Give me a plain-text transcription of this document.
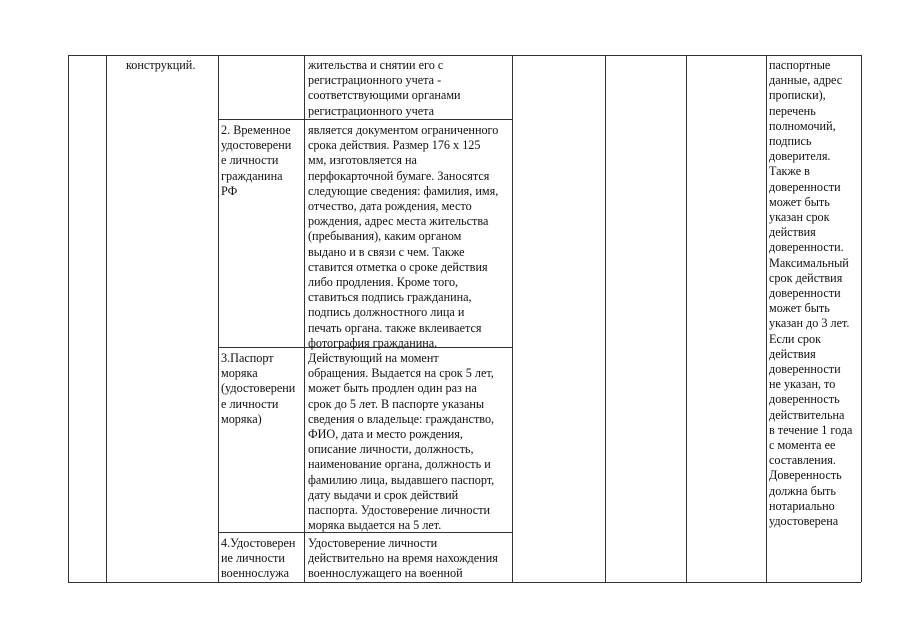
конструкций.	жительства и снятии его с
регистрационного учета -
соответствующими органами
регистрационного учета
2. Временное
удостоверени
е личности
гражданина
РФ
является документом ограниченного
срока действия. Размер 176 х 125
мм, изготовляется на
перфокарточной бумаге. Заносятся
следующие сведения: фамилия, имя,
отчество, дата рождения, место
рождения, адрес места жительства
(пребывания), каким органом
выдано и в связи с чем. Также
ставится отметка о сроке действия
либо продления. Кроме того,
ставиться подпись гражданина,
подпись должностного лица и
печать органа. также вклеивается
фотография гражданина.
3.Паспорт
моряка
(удостоверени
е личности
моряка)
Действующий на момент
обращения. Выдается на срок 5 лет,
может быть продлен один раз на
срок до 5 лет. В паспорте указаны
сведения о владельце: гражданство,
ФИО, дата и место рождения,
описание личности, должность,
наименование органа, должность и
фамилию лица, выдавшего паспорт,
дату выдачи и срок действий
паспорта. Удостоверение личности
моряка выдается на 5 лет.
4.Удостоверен
ие личности
военнослужа
Удостоверение личности
действительно на время нахождения
военнослужащего на военной
паспортные
данные, адрес
прописки),
перечень
полномочий,
подпись
доверителя.
Также в
доверенности
может быть
указан срок
действия
доверенности.
Максимальный
срок действия
доверенности
может быть
указан до 3 лет.
Если срок
действия
доверенности
не указан, то
доверенность
действительна
в течение 1 года
с момента ее
составления.
Доверенность
должна быть
нотариально
удостоверена
